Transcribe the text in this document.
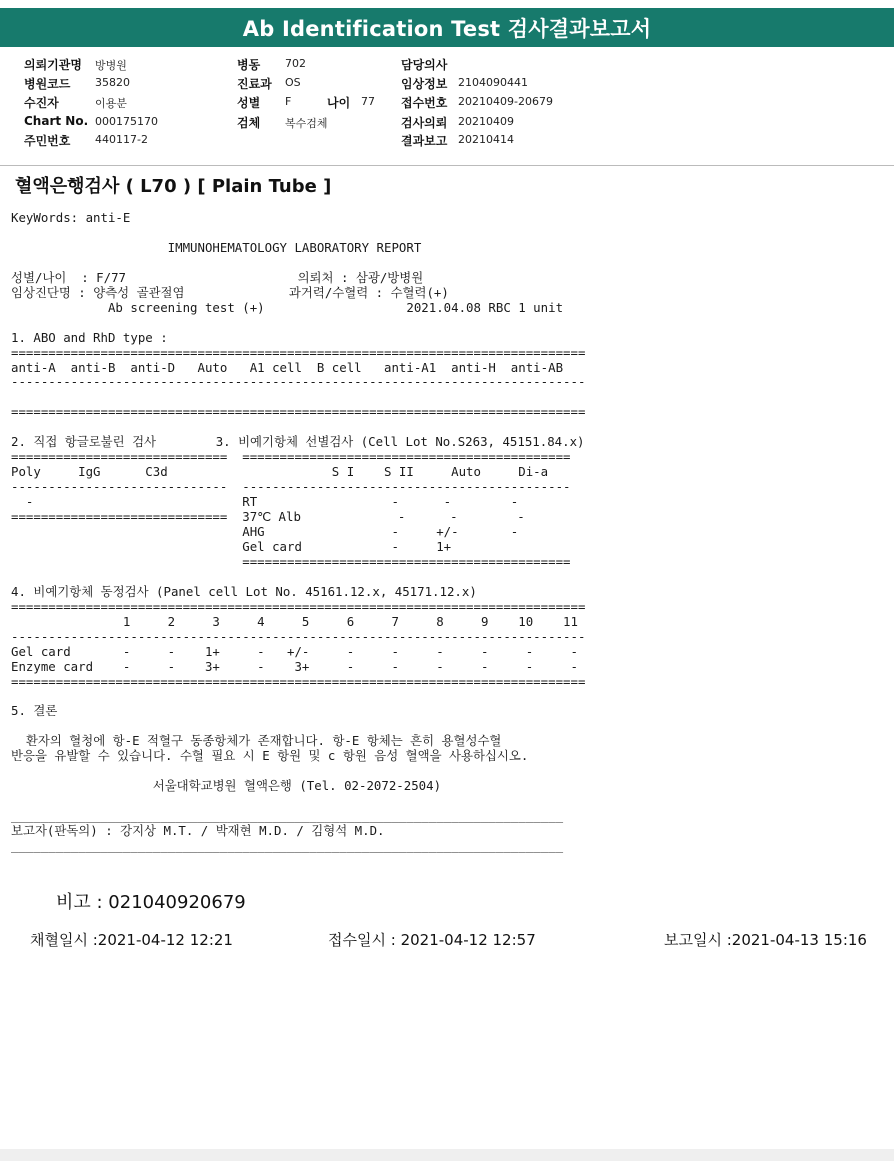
Ab Identification Test 검사결과보고서
의뢰기관명 방병원
병원코드 35820
수진자	이용분
Chart No. 000175170
주민번호 440117-2
병동 702
진료과 OS
성별 F	나이 77
검체 복수검체
담당의사
임상정보 2104090441
접수번호 20210409-20679
검사의뢰 20210409
결과보고 20210414
혈액은행검사 ( L70 ) [ Plain Tube ]
KeyWords: anti-E

IMMUNOHEMATOLOGY LABORATORY REPORT

성별/나이  : F/77                       의뢰처 : 삼광/방병원
임상진단명 : 양측성 골관절염              과거력/수혈력 : 수혈력(+)
Ab screening test (+)                   2021.04.08 RBC 1 unit

1. ABO and RhD type :
=============================================================================
anti-A  anti-B  anti-D   Auto   A1 cell  B cell   anti-A1  anti-H  anti-AB
-----------------------------------------------------------------------------

=============================================================================

2. 직접 항글로불린 검사        3. 비예기항체 선별검사 (Cell Lot No.S263, 45151.84.x)
=============================  ============================================
Poly     IgG      C3d                      S I    S II     Auto     Di-a
-----------------------------  --------------------------------------------
-                            RT                  -      -        -
=============================  37℃ Alb             -      -        -
AHG                 -     +/-       -
Gel card            -     1+
============================================

4. 비예기항체 동정검사 (Panel cell Lot No. 45161.12.x, 45171.12.x)
=============================================================================
1     2     3     4     5     6     7     8     9    10    11
-----------------------------------------------------------------------------
Gel card       -     -    1+     -   +/-     -     -     -     -     -     -
Enzyme card    -     -    3+     -    3+     -     -     -     -     -     -
=============================================================================

5. 결론

환자의 혈청에 항-E 적혈구 동종항체가 존재합니다. 항-E 항체는 흔히 용혈성수혈
반응을 유발할 수 있습니다. 수혈 필요 시 E 항원 및 c 항원 음성 혈액을 사용하십시오.

서울대학교병원 혈액은행 (Tel. 02-2072-2504)

__________________________________________________________________________
보고자(판독의) : 강지상 M.T. / 박재현 M.D. / 김형석 M.D.
__________________________________________________________________________
비고 : 021040920679
채혈일시 :2021-04-12 12:21	접수일시 : 2021-04-12 12:57	보고일시 :2021-04-13 15:16
